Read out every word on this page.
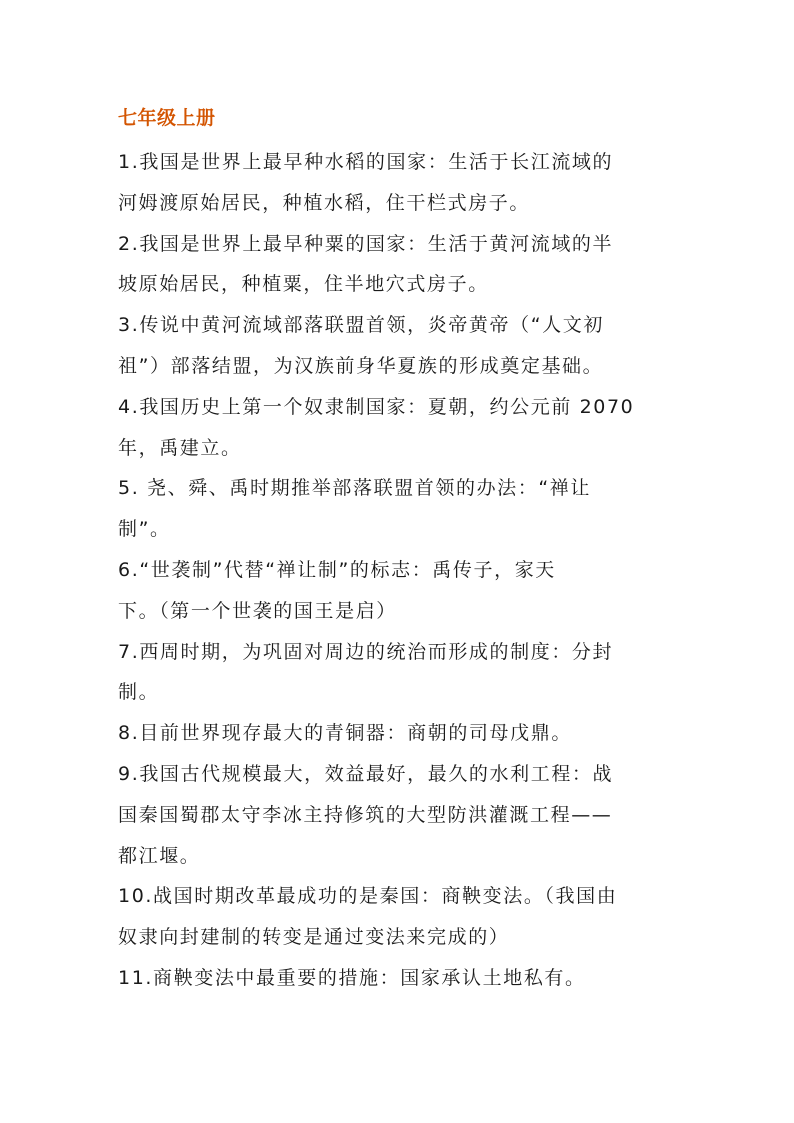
七年级上册
1.我国是世界上最早种水稻的国家：生活于长江流域的
河姆渡原始居民，种植水稻，住干栏式房子。
2.我国是世界上最早种粟的国家：生活于黄河流域的半
坡原始居民，种植粟，住半地穴式房子。
3.传说中黄河流域部落联盟首领，炎帝黄帝（“人文初
祖”）部落结盟，为汉族前身华夏族的形成奠定基础。
4.我国历史上第一个奴隶制国家：夏朝，约公元前 2070
年，禹建立。
5. 尧、舜、禹时期推举部落联盟首领的办法：“禅让
制”。
6.“世袭制”代替“禅让制”的标志：禹传子，家天
下。（第一个世袭的国王是启）
7.西周时期，为巩固对周边的统治而形成的制度：分封
制。
8.目前世界现存最大的青铜器：商朝的司母戊鼎。
9.我国古代规模最大，效益最好，最久的水利工程：战
国秦国蜀郡太守李冰主持修筑的大型防洪灌溉工程——
都江堰。
10.战国时期改革最成功的是秦国：商鞅变法。（我国由
奴隶向封建制的转变是通过变法来完成的）
11.商鞅变法中最重要的措施：国家承认土地私有。
